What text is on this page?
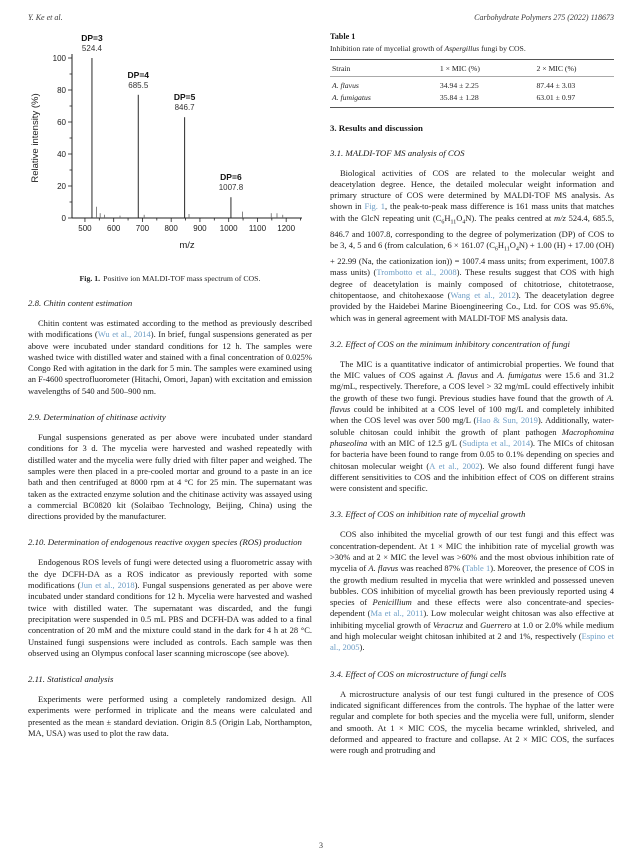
Y. Ke et al.	Carbohydrate Polymers 275 (2022) 118673
0
20
40
60
80
100
500 600 700 800 900 1000 1100 1200
m/z
Relative intensity (%)
DP=3
524.4
DP=4
685.5
DP=5
846.7
DP=6
1007.8
Fig. 1. Positive ion MALDI-TOF mass spectrum of COS.
2.8. Chitin content estimation

Chitin content was estimated according to the method as previously described with modifications (Wu et al., 2014). In brief, fungal suspensions generated as per above were incubated under standard conditions for 12 h. The samples were washed twice with distilled water and stained with a final concentration of 0.025% Congo Red with agitation in the dark for 5 min. The samples were examined using an F-4600 spectrofluorometer (Hitachi, Omori, Japan) with excitation and emission wavelengths of 540 and 500–900 nm.

2.9. Determination of chitinase activity

Fungal suspensions generated as per above were incubated under standard conditions for 3 d. The mycelia were harvested and washed repeatedly with distilled water and the mycelia were fully dried with filter paper and weighed. The samples were then placed in a pre-cooled mortar and ground to a paste in an ice bath and then centrifuged at 8000 rpm at 4 °C for 25 min. The supernatant was taken as the extracted enzyme solution and the chitinase activity was assayed using a commercial BC0820 kit (Solaibao Technology, Beijing, China) using the directions provided by the manufacturer.

2.10. Determination of endogenous reactive oxygen species (ROS) production

Endogenous ROS levels of fungi were detected using a fluorometric assay with the dye DCFH-DA as a ROS indicator as previously reported with some modifications (Jun et al., 2018). Fungal suspensions generated as per above were incubated under standard conditions for 12 h. Mycelia were harvested and washed twice with distilled water. The supernatant was discarded, and the fungi precipitation were suspended in 0.5 mL PBS and DCFH-DA was added to a final concentration of 20 mM and the mixture could stand in the dark for 4 h at 28 °C. Unstained fungi suspensions were included as controls. Each sample was then observed using an Olympus confocal laser scanning microscope (see above).

2.11. Statistical analysis

Experiments were performed using a completely randomized design. All experiments were performed in triplicate and the means were calculated and presented as the mean ± standard deviation. Origin 8.5 (Origin Lab, Northampton, MA, USA) was used to plot the raw data.

Table 1
Inhibition rate of mycelial growth of Aspergillus fungi by COS.
Strain	1 × MIC (%)	2 × MIC (%)
A. flavus	34.94 ± 2.25	87.44 ± 3.03
A. fumigatus	35.84 ± 1.28	63.01 ± 0.97
3. Results and discussion
3.1. MALDI-TOF MS analysis of COS

Biological activities of COS are related to the molecular weight and deacetylation degree. Hence, the detailed molecular weight information and primary structure of COS were determined by MALDI-TOF MS analysis. As shown in Fig. 1, the peak-to-peak mass difference is 161 mass units that matches with the GlcN repeating unit $(C_6H_{11}O_4N)$. The peaks centred at m/z 524.4, 685.5, 846.7 and 1007.8, corresponding to the degree of polymerization (DP) of COS to be 3, 4, 5 and 6 (from calculation, 6 × 161.07 $(C_6H_{11}O_4N) + 1.00$ (H) + 17.00 (OH) + 22.99 (Na, the cationization ion)) = 1007.4 mass units; from experiment, 1007.8 mass units) (Trombotto et al., 2008). These results suggest that COS with high degree of deacetylation is mainly composed of chitotriose, chitotetraose, chitopentaose, and chitohexaose (Wang et al., 2012). The deacetylation degree provided by the Haidebei Marine Bioengineering Co., Ltd. for COS was 95.6%, which was in general agreement with MALDI-TOF MS analysis data.

3.2. Effect of COS on the minimum inhibitory concentration of fungi

The MIC is a quantitative indicator of antimicrobial properties. We found that the MIC values of COS against A. flavus and A. fumigatus were 15.6 and 31.2 mg/mL, respectively. Therefore, a COS level > 32 mg/mL could effectively inhibit the growth of these two fungi. Previous studies have found that the growth of A. flavus could be inhibited at a COS level of 100 mg/L and completely inhibited when the COS level was over 500 mg/L (Hao & Sun, 2019). Additionally, water-soluble chitosan could inhibit the growth of plant pathogen Macrophomina phaseolina with an MIC of 12.5 g/L (Sudipta et al., 2014). The MICs of chitosan for bacteria have been found to range from 0.05 to 0.1% depending on species and chitosan molecular weight (A et al., 2002). We also found different fungi have different sensitivities to COS and the inhibition effect of COS on different strains were consistent and specific.

3.3. Effect of COS on inhibition rate of mycelial growth

COS also inhibited the mycelial growth of our test fungi and this effect was concentration-dependent. At 1 × MIC the inhibition rate of mycelial growth was >30% and at 2 × MIC the level was >60% and the most obvious inhibition rate of mycelia of A. flavus was reached 87% (Table 1). Moreover, the presence of COS in the growth medium resulted in mycelia that were wrinkled and possessed uneven bubbles. COS inhibition of mycelial growth has been previously reported using 4 species of Penicillium and these effects were also concentrate-and species-dependent (Ma et al., 2011). Low molecular weight chitosan was also effective at inhibiting mycelial growth of Veracruz and Guerrero at 1.0 or 2.0% while medium and high molecular weight chitosan inhibited at 2 and 1%, respectively (Espino et al., 2005).

3.4. Effect of COS on microstructure of fungi cells

A microstructure analysis of our test fungi cultured in the presence of COS indicated significant differences from the controls. The hyphae of the latter were regular and complete for both species and the mycelia were full, uniform, slender and smooth. At 1 × MIC COS, the mycelia became wrinkled, shriveled, and deformed and appeared to fracture and collapse. At 2 × MIC COS, the surfaces were rough and protruding and

3
